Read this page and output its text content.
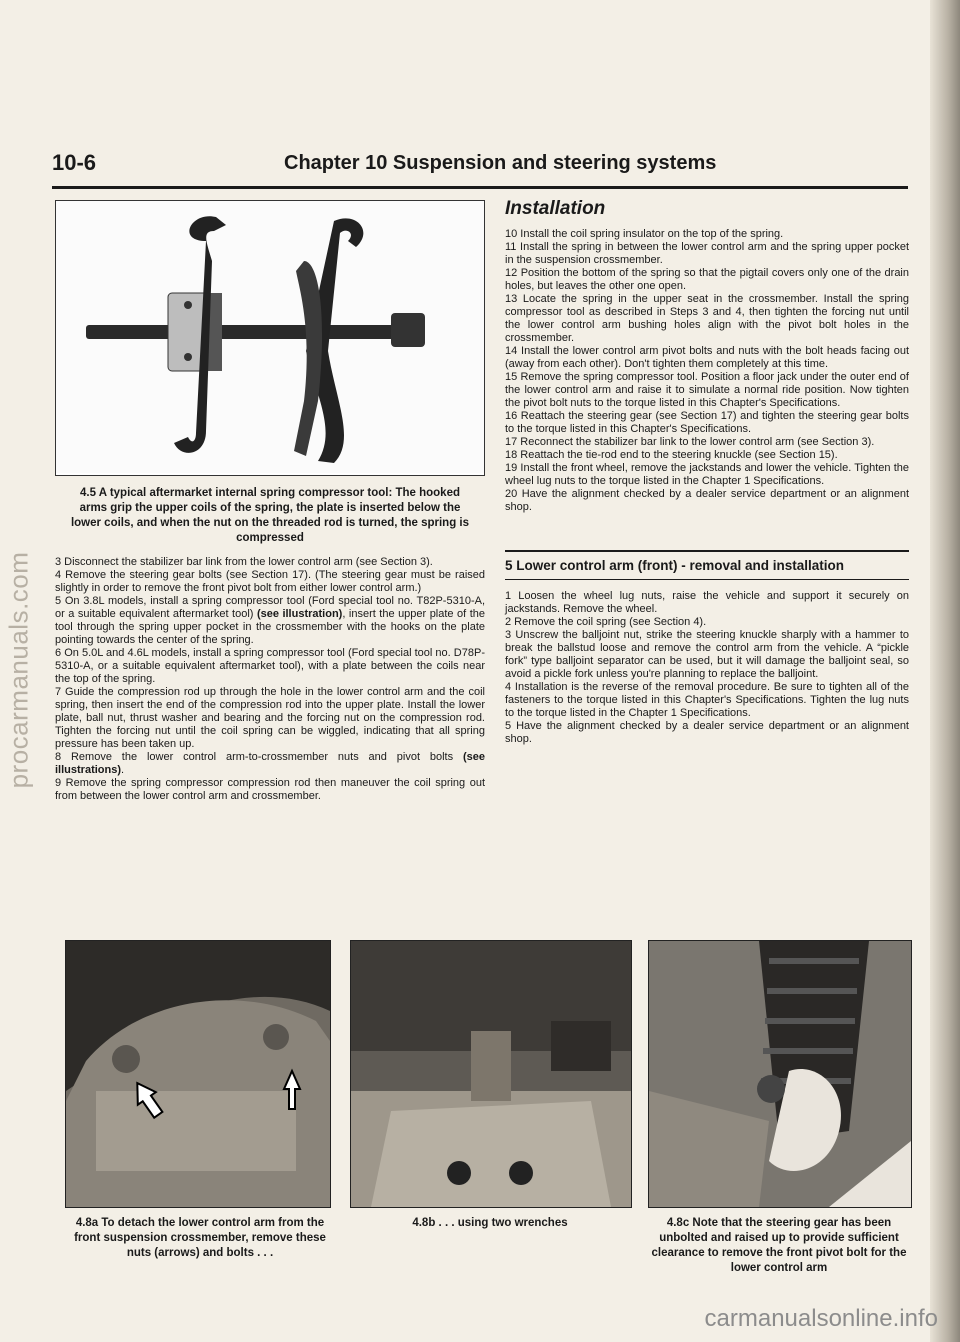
procarmanuals.com
10-6	Chapter 10 Suspension and steering systems
4.5 A typical aftermarket internal spring compressor tool: The hooked arms grip the upper coils of the spring, the plate is inserted below the lower coils, and when the nut on the threaded rod is turned, the spring is compressed

3 Disconnect the stabilizer bar link from the lower control arm (see Section 3).

4 Remove the steering gear bolts (see Section 17). (The steering gear must be raised slightly in order to remove the front pivot bolt from either lower control arm.)

5 On 3.8L models, install a spring compressor tool (Ford special tool no. T82P-5310-A, or a suitable equivalent aftermarket tool) (see illustration), insert the upper plate of the tool through the spring upper pocket in the crossmember with the hooks on the plate pointing towards the center of the spring.

6 On 5.0L and 4.6L models, install a spring compressor tool (Ford special tool no. D78P-5310-A, or a suitable equivalent aftermarket tool), with a plate between the coils near the top of the spring.

7 Guide the compression rod up through the hole in the lower control arm and the coil spring, then insert the end of the compression rod into the upper plate. Install the lower plate, ball nut, thrust washer and bearing and the forcing nut on the compression rod. Tighten the forcing nut until the coil spring can be wiggled, indicating that all spring pressure has been taken up.

8 Remove the lower control arm-to-crossmember nuts and pivot bolts (see illustrations).

9 Remove the spring compressor compression rod then maneuver the coil spring out from between the lower control arm and crossmember.

Installation

10 Install the coil spring insulator on the top of the spring.

11 Install the spring in between the lower control arm and the spring upper pocket in the suspension crossmember.

12 Position the bottom of the spring so that the pigtail covers only one of the drain holes, but leaves the other one open.

13 Locate the spring in the upper seat in the crossmember. Install the spring compressor tool as described in Steps 3 and 4, then tighten the forcing nut until the lower control arm bushing holes align with the pivot bolt holes in the crossmember.

14 Install the lower control arm pivot bolts and nuts with the bolt heads facing out (away from each other). Don't tighten them completely at this time.

15 Remove the spring compressor tool. Position a floor jack under the outer end of the lower control arm and raise it to simulate a normal ride position. Now tighten the pivot bolt nuts to the torque listed in this Chapter's Specifications.

16 Reattach the steering gear (see Section 17) and tighten the steering gear bolts to the torque listed in this Chapter's Specifications.

17 Reconnect the stabilizer bar link to the lower control arm (see Section 3).

18 Reattach the tie-rod end to the steering knuckle (see Section 15).

19 Install the front wheel, remove the jackstands and lower the vehicle. Tighten the wheel lug nuts to the torque listed in the Chapter 1 Specifications.

20 Have the alignment checked by a dealer service department or an alignment shop.

5 Lower control arm (front) - removal and installation

1 Loosen the wheel lug nuts, raise the vehicle and support it securely on jackstands. Remove the wheel.

2 Remove the coil spring (see Section 4).

3 Unscrew the balljoint nut, strike the steering knuckle sharply with a hammer to break the ballstud loose and remove the control arm from the vehicle. A “pickle fork” type balljoint separator can be used, but it will damage the balljoint seal, so avoid a pickle fork unless you're planning to replace the balljoint.

4 Installation is the reverse of the removal procedure. Be sure to tighten all of the fasteners to the torque listed in this Chapter's Specifications. Tighten the lug nuts to the torque listed in the Chapter 1 Specifications.

5 Have the alignment checked by a dealer service department or an alignment shop.

4.8a To detach the lower control arm from the front suspension crossmember, remove these nuts (arrows) and bolts . . .
4.8b . . . using two wrenches	4.8c Note that the steering gear has been unbolted and raised up to provide sufficient clearance to remove the front pivot bolt for the lower control arm
carmanualsonline.info
